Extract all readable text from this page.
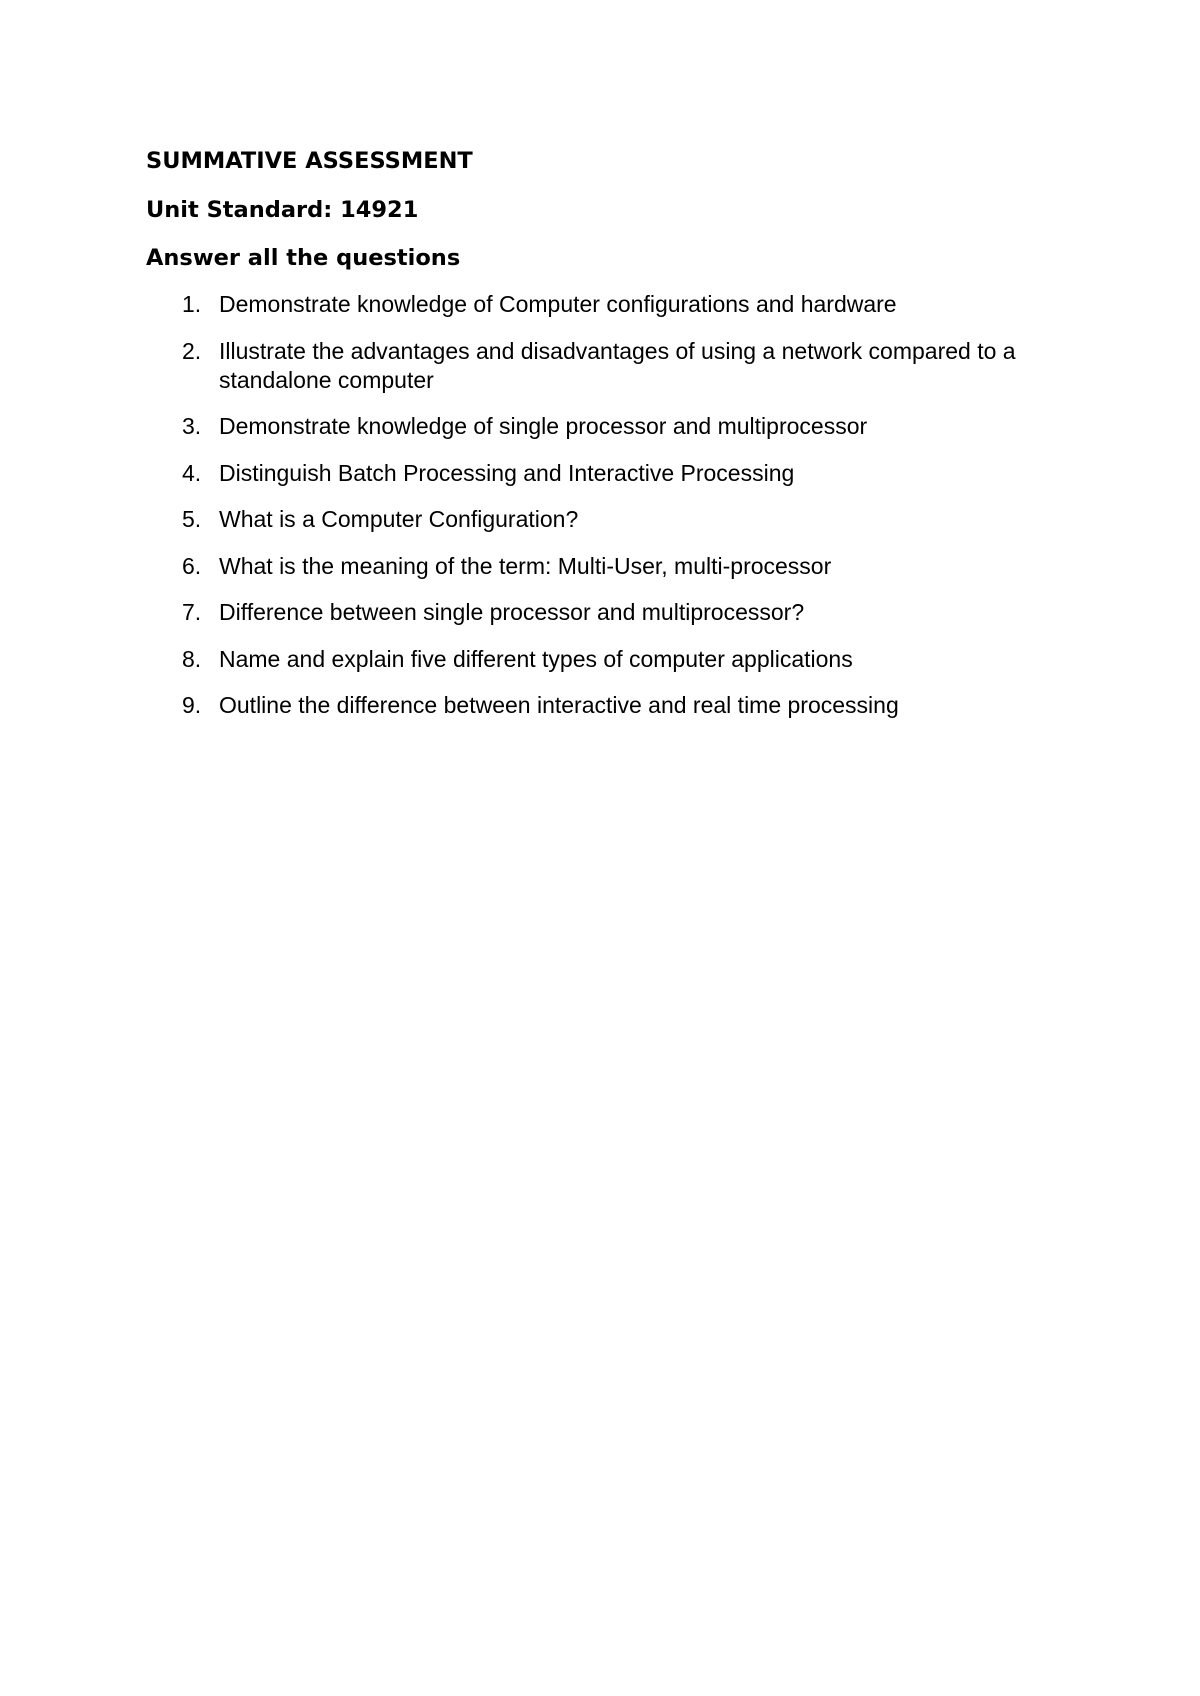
SUMMATIVE ASSESSMENT
Unit Standard: 14921
Answer all the questions
1. Demonstrate knowledge of Computer configurations and hardware
2. Illustrate the advantages and disadvantages of using a network compared to a standalone computer
3. Demonstrate knowledge of single processor and multiprocessor
4. Distinguish Batch Processing and Interactive Processing
5. What is a Computer Configuration?
6. What is the meaning of the term: Multi-User, multi-processor
7. Difference between single processor and multiprocessor?
8. Name and explain five different types of computer applications
9. Outline the difference between interactive and real time processing
